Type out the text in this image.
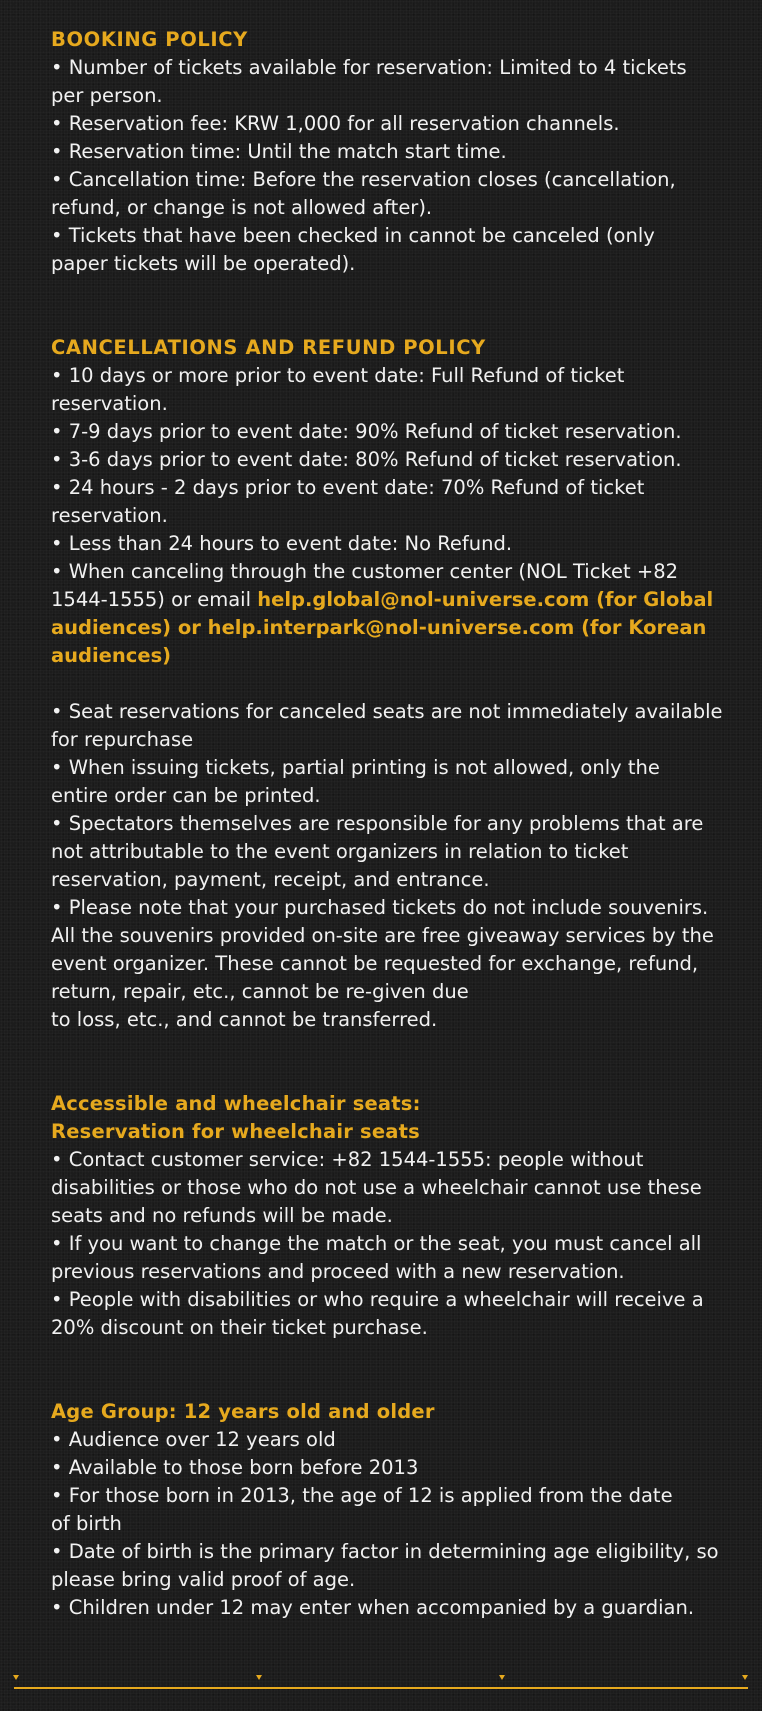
BOOKING POLICY

• Number of tickets available for reservation: Limited to 4 tickets

per person.

• Reservation fee: KRW 1,000 for all reservation channels.

• Reservation time: Until the match start time.

• Cancellation time: Before the reservation closes (cancellation,

refund, or change is not allowed after).

• Tickets that have been checked in cannot be canceled (only

paper tickets will be operated).

CANCELLATIONS AND REFUND POLICY

• 10 days or more prior to event date: Full Refund of ticket

reservation.

• 7-9 days prior to event date: 90% Refund of ticket reservation.

• 3-6 days prior to event date: 80% Refund of ticket reservation.

• 24 hours - 2 days prior to event date: 70% Refund of ticket

reservation.

• Less than 24 hours to event date: No Refund.

• When canceling through the customer center (NOL Ticket +82

1544-1555) or email help.global@nol-universe.com (for Global

audiences) or help.interpark@nol-universe.com (for Korean

audiences)

• Seat reservations for canceled seats are not immediately available

for repurchase

• When issuing tickets, partial printing is not allowed, only the

entire order can be printed.

• Spectators themselves are responsible for any problems that are

not attributable to the event organizers in relation to ticket

reservation, payment, receipt, and entrance.

• Please note that your purchased tickets do not include souvenirs.

All the souvenirs provided on-site are free giveaway services by the

event organizer. These cannot be requested for exchange, refund,

return, repair, etc., cannot be re-given due

to loss, etc., and cannot be transferred.

Accessible and wheelchair seats:
Reservation for wheelchair seats

• Contact customer service: +82 1544-1555: people without

disabilities or those who do not use a wheelchair cannot use these

seats and no refunds will be made.

• If you want to change the match or the seat, you must cancel all

previous reservations and proceed with a new reservation.

• People with disabilities or who require a wheelchair will receive a

20% discount on their ticket purchase.

Age Group: 12 years old and older

• Audience over 12 years old

• Available to those born before 2013

• For those born in 2013, the age of 12 is applied from the date

of birth

• Date of birth is the primary factor in determining age eligibility, so

please bring valid proof of age.

• Children under 12 may enter when accompanied by a guardian.
